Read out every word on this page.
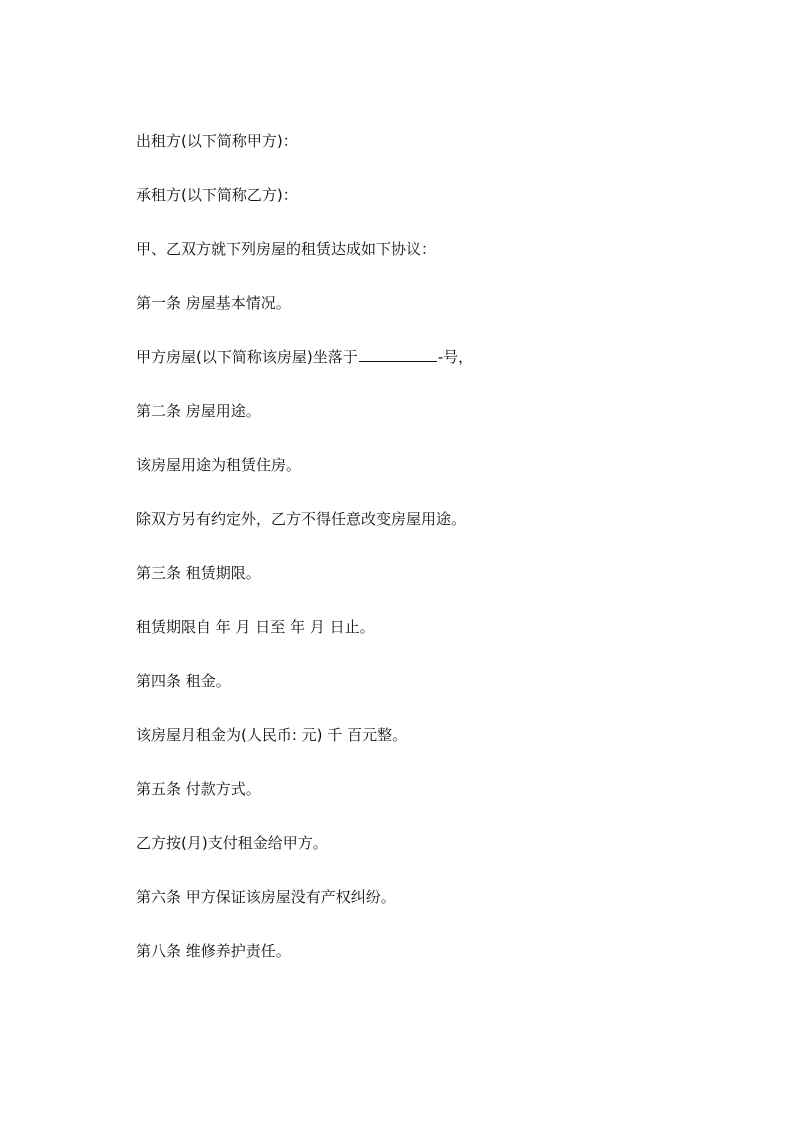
出租方(以下简称甲方)：
承租方(以下简称乙方)：
甲、乙双方就下列房屋的租赁达成如下协议：
第一条 房屋基本情况。
甲方房屋(以下简称该房屋)坐落于	-号，
第二条 房屋用途。
该房屋用途为租赁住房。
除双方另有约定外，乙方不得任意改变房屋用途。
第三条 租赁期限。
租赁期限自 年 月 日至 年 月 日止。
第四条 租金。
该房屋月租金为(人民币: 元) 千 百元整。
第五条 付款方式。
乙方按(月)支付租金给甲方。
第六条 甲方保证该房屋没有产权纠纷。
第八条 维修养护责任。
